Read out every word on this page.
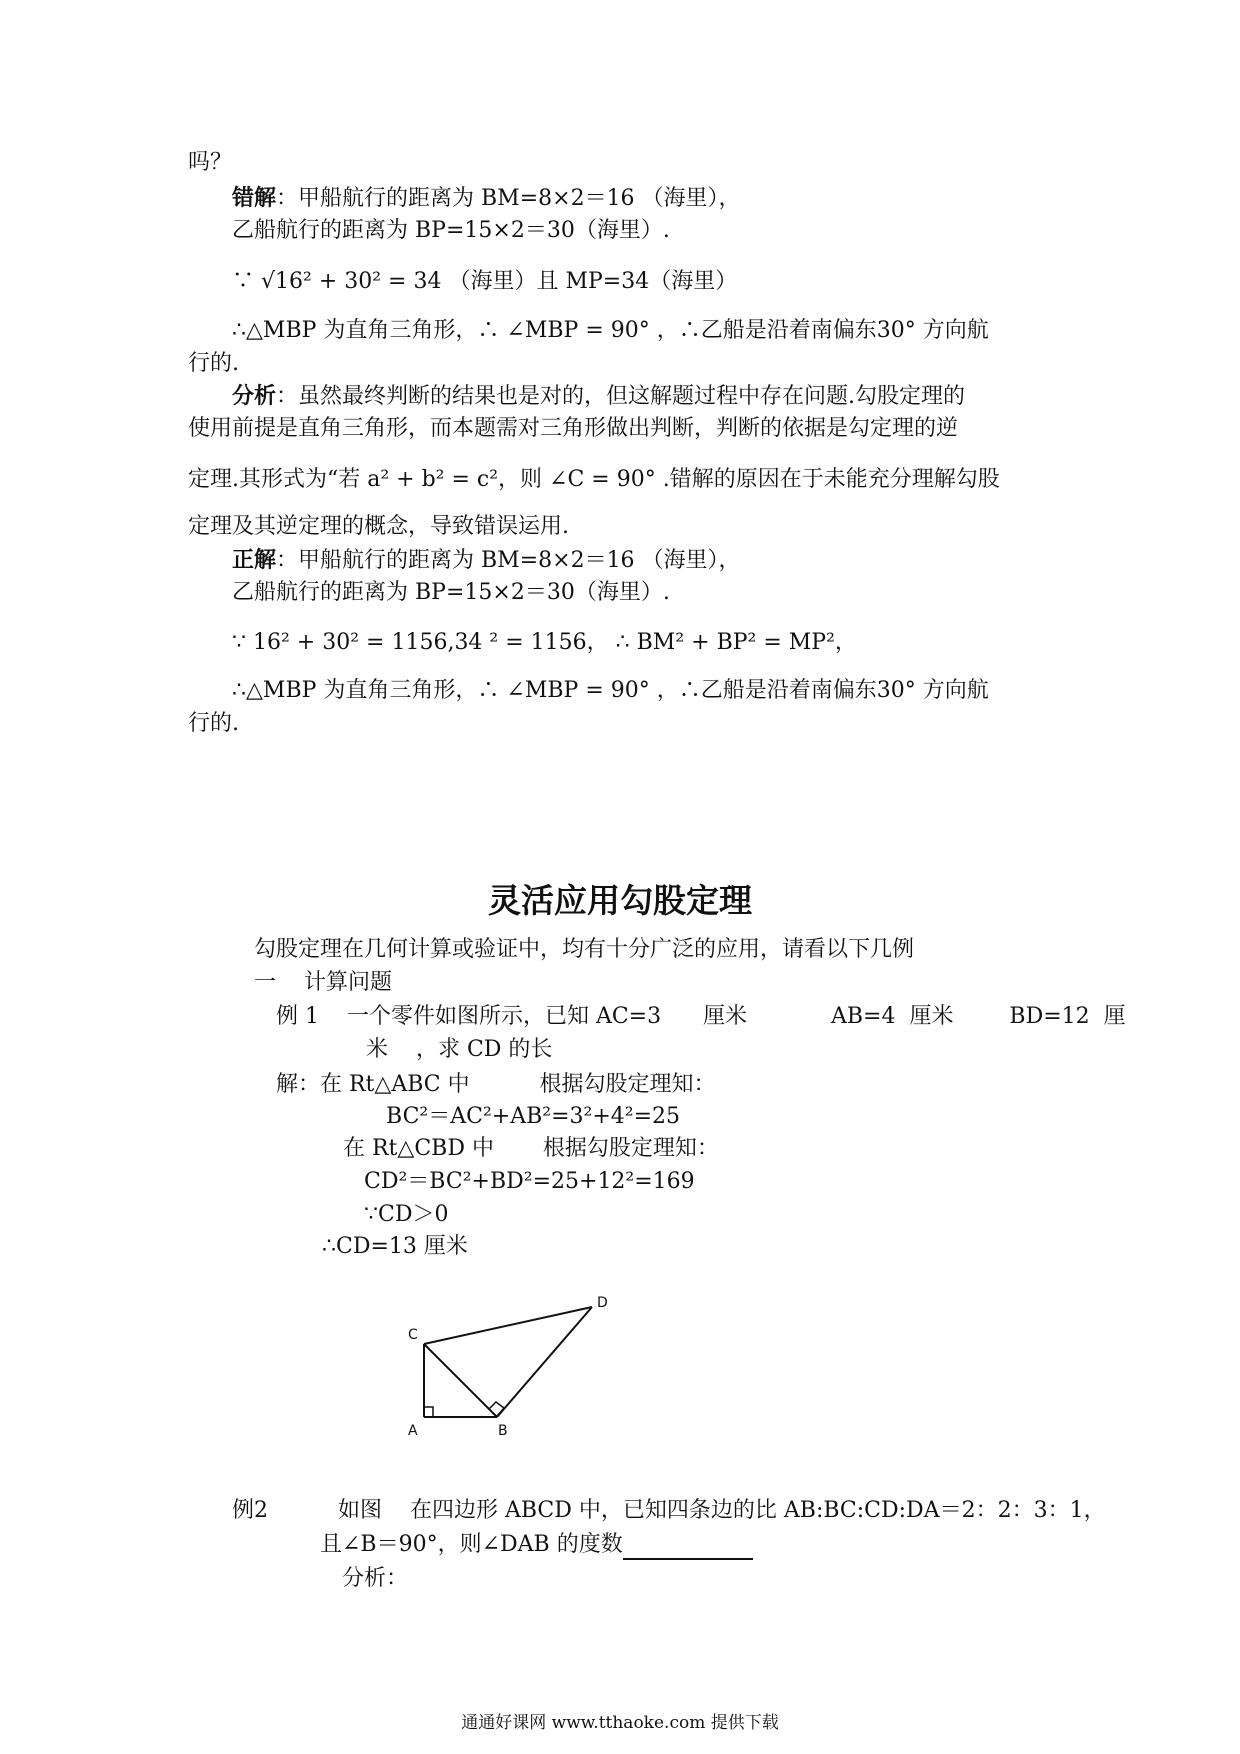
吗？
错解：甲船航行的距离为 BM=8×2＝16 （海里），
乙船航行的距离为 BP=15×2＝30（海里）.
∵ √16² + 30² = 34 （海里）且 MP=34（海里）
∴△MBP 为直角三角形，∴ ∠MBP = 90° ，∴乙船是沿着南偏东30° 方向航
行的.
分析：虽然最终判断的结果也是对的，但这解题过程中存在问题.勾股定理的
使用前提是直角三角形，而本题需对三角形做出判断，判断的依据是勾定理的逆
定理.其形式为“若 a² + b² = c²，则 ∠C = 90° .错解的原因在于未能充分理解勾股
定理及其逆定理的概念，导致错误运用.
正解：甲船航行的距离为 BM=8×2＝16 （海里），
乙船航行的距离为 BP=15×2＝30（海里）.
∵ 16² + 30² = 1156,34 ² = 1156， ∴ BM² + BP² = MP²，
∴△MBP 为直角三角形，∴ ∠MBP = 90° ，∴乙船是沿着南偏东30° 方向航
行的.
灵活应用勾股定理
勾股定理在几何计算或验证中，均有十分广泛的应用，请看以下几例
一    计算问题
例 1    一个零件如图所示，已知 AC=3      厘米            AB=4  厘米        BD=12  厘
米    ，求 CD 的长
解：在 Rt△ABC 中          根据勾股定理知：
BC²＝AC²+AB²=3²+4²=25
在 Rt△CBD 中       根据勾股定理知：
CD²＝BC²+BD²=25+12²=169
∵CD＞0
∴CD=13 厘米
C
A	B
D
例2	如图    在四边形 ABCD 中，已知四条边的比 AB:BC:CD:DA＝2：2：3：1，
且∠B＝90°，则∠DAB 的度数
分析：
通通好课网 www.tthaoke.com 提供下载
